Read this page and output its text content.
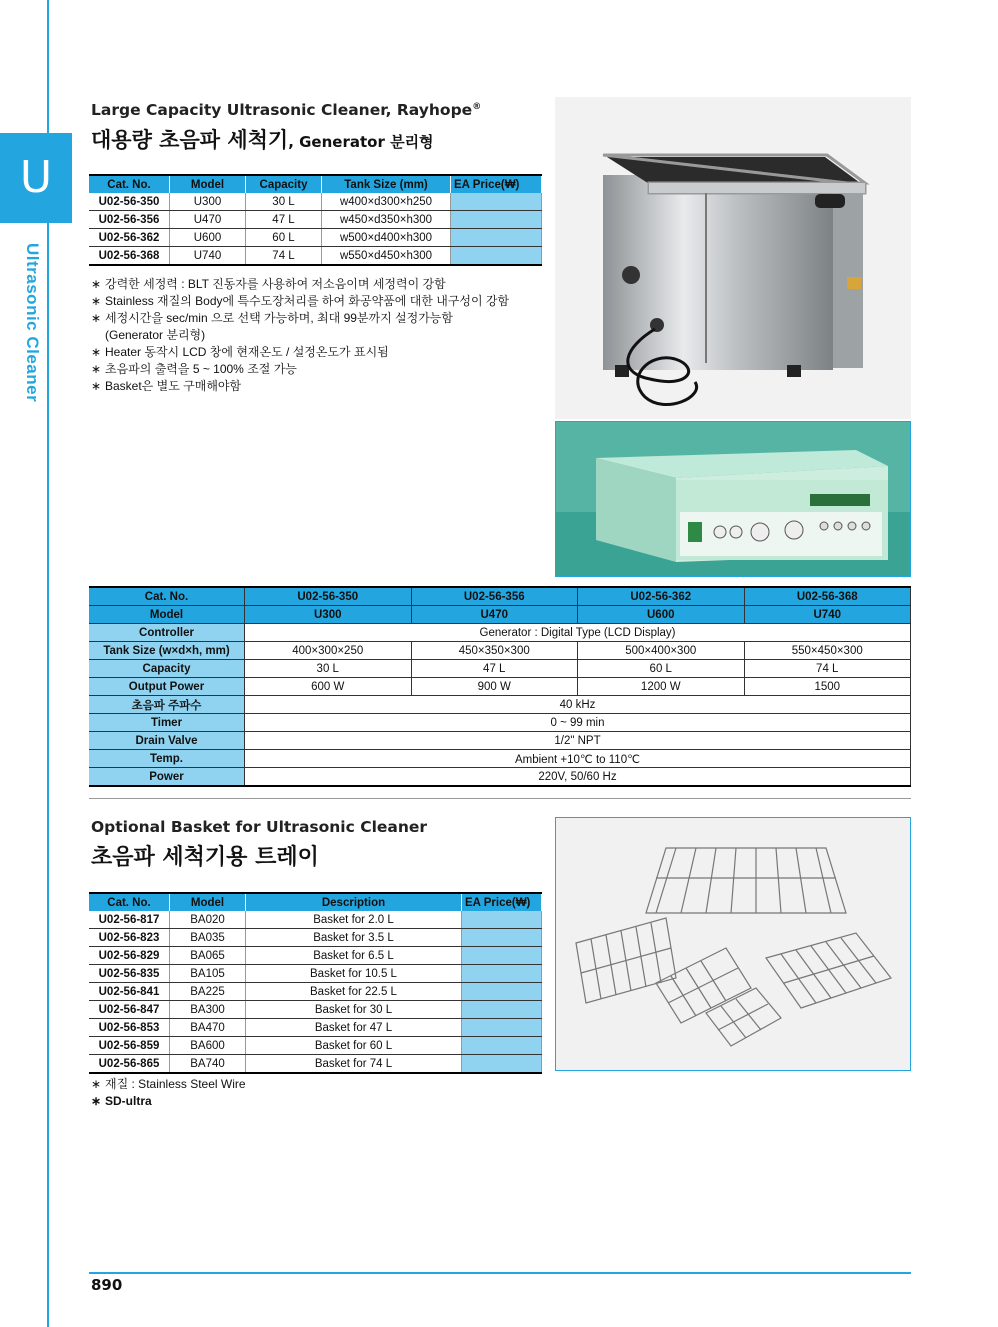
U
Ultrasonic Cleaner
Large Capacity Ultrasonic Cleaner, Rayhope®
대용량 초음파 세척기, Generator 분리형
Cat. No.	Model	Capacity	Tank Size (mm)	EA Price(₩)
U02-56-350	U300	30 L	w400×d300×h250	
U02-56-356	U470	47 L	w450×d350×h300	
U02-56-362	U600	60 L	w500×d400×h300	
U02-56-368	U740	74 L	w550×d450×h300	
∗ 강력한 세정력 : BLT 진동자를 사용하여 저소음이며 세정력이 강함
∗ Stainless 재질의 Body에 특수도장처리를 하여 화공약품에 대한 내구성이 강함
∗ 세정시간을 sec/min 으로 선택 가능하며, 최대 99분까지 설정가능함
(Generator 분리형)
∗ Heater 동작시 LCD 창에 현재온도 / 설정온도가 표시됨
∗ 초음파의 출력을 5 ~ 100% 조절 가능
∗ Basket은 별도 구매해야함
Cat. No.	U02-56-350	U02-56-356	U02-56-362	U02-56-368
Model	U300	U470	U600	U740
Controller	Generator : Digital Type (LCD Display)			
Tank Size (w×d×h, mm)	400×300×250	450×350×300	500×400×300	550×450×300
Capacity	30 L	47 L	60 L	74 L
Output Power	600 W	900 W	1200 W	1500
초음파 주파수	40 kHz			
Timer	0 ~ 99 min			
Drain Valve	1/2" NPT			
Temp.	Ambient +10℃ to 110℃			
Power	220V, 50/60 Hz			
Optional Basket for Ultrasonic Cleaner
초음파 세척기용 트레이
Cat. No.	Model	Description	EA Price(₩)
U02-56-817	BA020	Basket for 2.0 L	
U02-56-823	BA035	Basket for 3.5 L	
U02-56-829	BA065	Basket for 6.5 L	
U02-56-835	BA105	Basket for 10.5 L	
U02-56-841	BA225	Basket for 22.5 L	
U02-56-847	BA300	Basket for 30 L	
U02-56-853	BA470	Basket for 47 L	
U02-56-859	BA600	Basket for 60 L	
U02-56-865	BA740	Basket for 74 L	
∗ 재질 : Stainless Steel Wire
∗ SD-ultra
890
